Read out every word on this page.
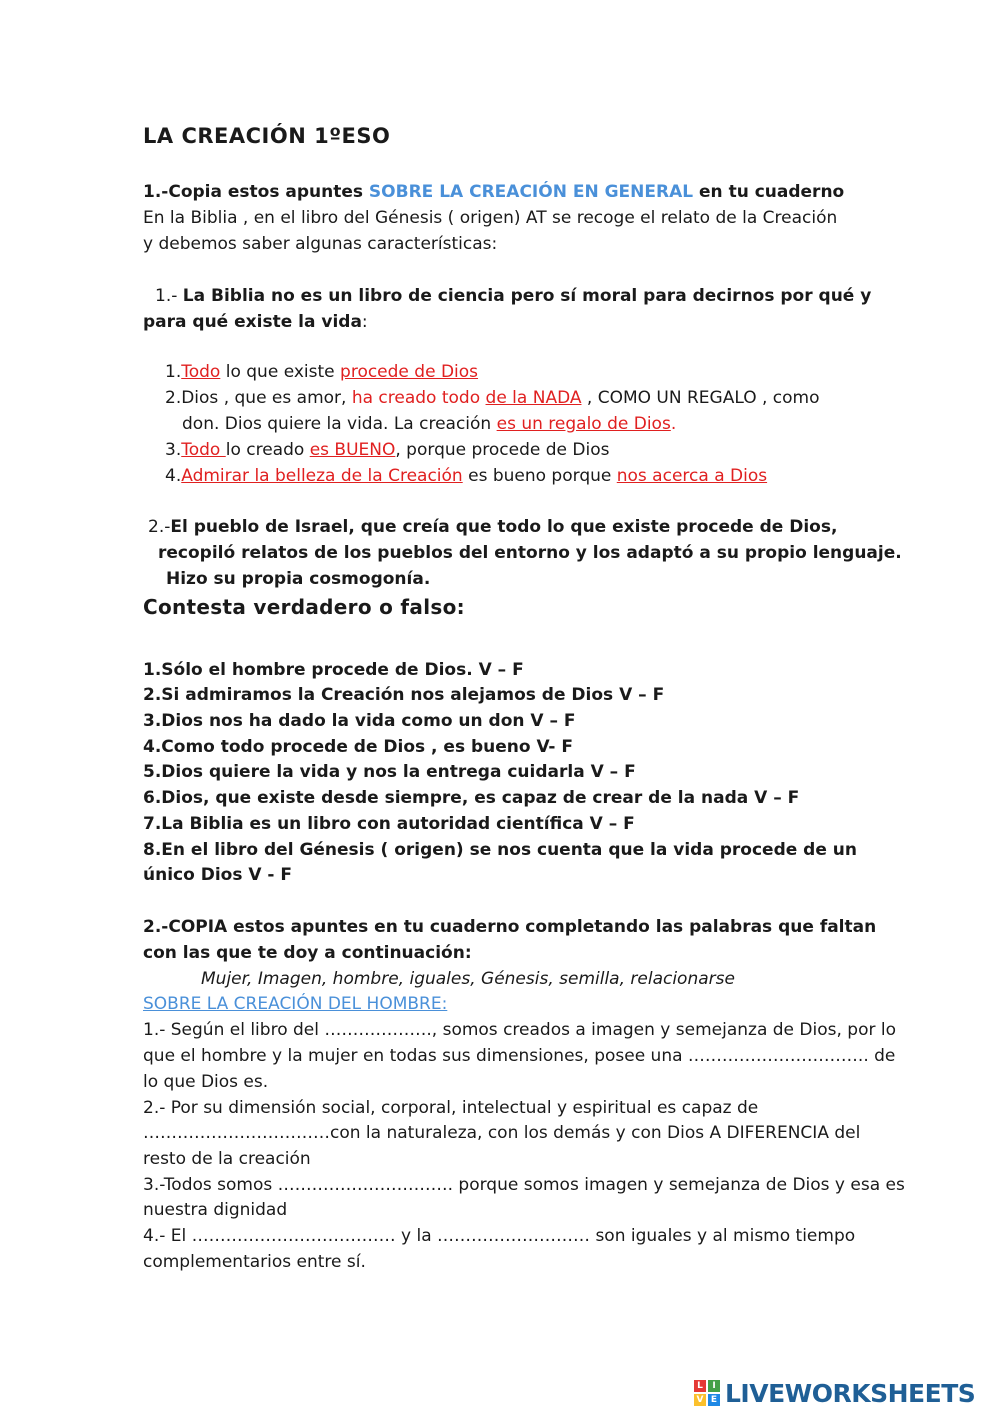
LA CREACIÓN 1ºESO
1.-Copia estos apuntes SOBRE LA CREACIÓN EN GENERAL en tu cuaderno
En la Biblia , en el libro del Génesis ( origen) AT se recoge el relato de la Creación
y debemos saber algunas características:
1.- La Biblia no es un libro de ciencia pero sí moral para decirnos por qué y
para qué existe la vida:
1.Todo lo que existe procede de Dios
2.Dios , que es amor, ha creado todo de la NADA , COMO UN REGALO , como
don. Dios quiere la vida. La creación es un regalo de Dios.
3.Todo lo creado es BUENO, porque procede de Dios
4.Admirar la belleza de la Creación es bueno porque nos acerca a Dios
2.-El pueblo de Israel, que creía que todo lo que existe procede de Dios,
recopiló relatos de los pueblos del entorno y los adaptó a su propio lenguaje.
Hizo su propia cosmogonía.
Contesta verdadero o falso:
1.Sólo el hombre procede de Dios. V – F
2.Si admiramos la Creación nos alejamos de Dios V – F
3.Dios nos ha dado la vida como un don V – F
4.Como todo procede de Dios , es bueno V- F
5.Dios quiere la vida y nos la entrega cuidarla V – F
6.Dios, que existe desde siempre, es capaz de crear de la nada V – F
7.La Biblia es un libro con autoridad científica V – F
8.En el libro del Génesis ( origen) se nos cuenta que la vida procede de un
único Dios V - F
2.-COPIA estos apuntes en tu cuaderno completando las palabras que faltan
con las que te doy a continuación:
Mujer, Imagen, hombre, iguales, Génesis, semilla, relacionarse
SOBRE LA CREACIÓN DEL HOMBRE:
1.- Según el libro del ………………., somos creados a imagen y semejanza de Dios, por lo
que el hombre y la mujer en todas sus dimensiones, posee una ………………………….. de
lo que Dios es.
2.- Por su dimensión social, corporal, intelectual y espiritual es capaz de
……………………………con la naturaleza, con los demás y con Dios A DIFERENCIA del
resto de la creación
3.-Todos somos …………………………. porque somos imagen y semejanza de Dios y esa es
nuestra dignidad
4.- El ……………………………… y la ……………………… son iguales y al mismo tiempo
complementarios entre sí.
L	I
V E LIVEWORKSHEETS
